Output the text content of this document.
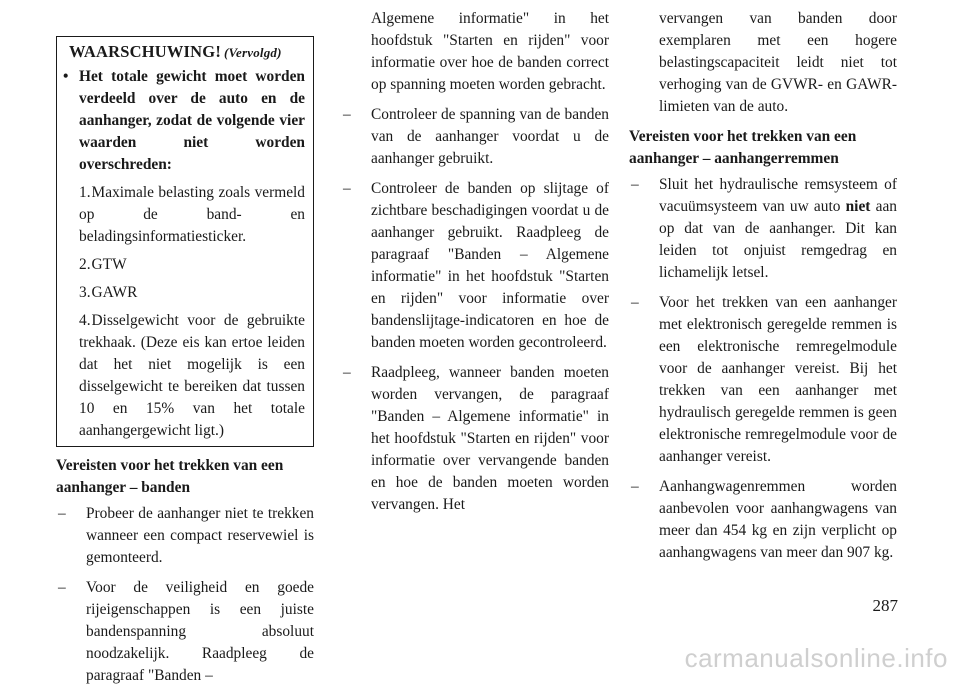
WAARSCHUWING! (Vervolgd)
• Het totale gewicht moet worden verdeeld over de auto en de aanhanger, zodat de volgende vier waarden niet worden overschreden:
1.Maximale belasting zoals vermeld op de band- en beladingsinformatiesticker.
2.GTW
3.GAWR
4.Disselgewicht voor de gebruikte trekhaak. (Deze eis kan ertoe leiden dat het niet mogelijk is een disselgewicht te bereiken dat tussen 10 en 15% van het totale aanhangergewicht ligt.)
Vereisten voor het trekken van een aanhanger – banden
–	Probeer de aanhanger niet te trekken wanneer een compact reservewiel is gemonteerd.
–	Voor de veiligheid en goede rijeigenschappen is een juiste bandenspanning absoluut noodzakelijk. Raadpleeg de paragraaf "Banden –
Algemene informatie" in het hoofdstuk "Starten en rijden" voor informatie over hoe de banden correct op spanning moeten worden gebracht.
–	Controleer de spanning van de banden van de aanhanger voordat u de aanhanger gebruikt.
–	Controleer de banden op slijtage of zichtbare beschadigingen voordat u de aanhanger gebruikt. Raadpleeg de paragraaf "Banden – Algemene informatie" in het hoofdstuk "Starten en rijden" voor informatie over bandenslijtage-indicatoren en hoe de banden moeten worden gecontroleerd.
–	Raadpleeg, wanneer banden moeten worden vervangen, de paragraaf "Banden – Algemene informatie" in het hoofdstuk "Starten en rijden" voor informatie over vervangende banden en hoe de banden moeten worden vervangen. Het
vervangen van banden door exemplaren met een hogere belastingscapaciteit leidt niet tot verhoging van de GVWR- en GAWR-limieten van de auto.
Vereisten voor het trekken van een aanhanger – aanhangerremmen
–	Sluit het hydraulische remsysteem of vacuümsysteem van uw auto niet aan op dat van de aanhanger. Dit kan leiden tot onjuist remgedrag en lichamelijk letsel.
–	Voor het trekken van een aanhanger met elektronisch geregelde remmen is een elektronische remregelmodule voor de aanhanger vereist. Bij het trekken van een aanhanger met hydraulisch geregelde remmen is geen elektronische remregelmodule voor de aanhanger vereist.
–	Aanhangwagenremmen worden aanbevolen voor aanhangwagens van meer dan 454 kg en zijn verplicht op aanhangwagens van meer dan 907 kg.
287
carmanualsonline.info
